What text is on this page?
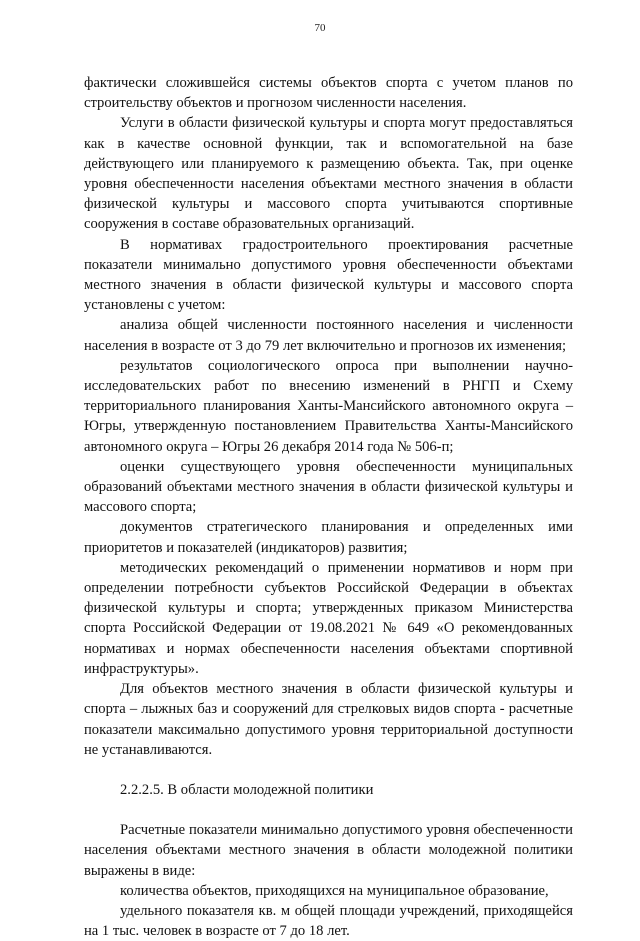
70

фактически сложившейся системы объектов спорта с учетом планов по строительству объектов и прогнозом численности населения.

Услуги в области физической культуры и спорта могут предоставляться как в качестве основной функции, так и вспомогательной на базе действующего или планируемого к размещению объекта. Так, при оценке уровня обеспеченности населения объектами местного значения в области физической культуры и массового спорта учитываются спортивные сооружения в составе образовательных организаций.

В нормативах градостроительного проектирования расчетные показатели минимально допустимого уровня обеспеченности объектами местного значения в области физической культуры и массового спорта установлены с учетом:

анализа общей численности постоянного населения и численности населения в возрасте от 3 до 79 лет включительно и прогнозов их изменения;

результатов социологического опроса при выполнении научно-исследовательских работ по внесению изменений в РНГП и Схему территориального планирования Ханты-Мансийского автономного округа – Югры, утвержденную постановлением Правительства Ханты-Мансийского автономного округа – Югры 26 декабря 2014 года № 506-п;

оценки существующего уровня обеспеченности муниципальных образований объектами местного значения в области физической культуры и массового спорта;

документов стратегического планирования и определенных ими приоритетов и показателей (индикаторов) развития;

методических рекомендаций о применении нормативов и норм при определении потребности субъектов Российской Федерации в объектах физической культуры и спорта; утвержденных приказом Министерства спорта Российской Федерации от 19.08.2021 № 649 «О рекомендованных нормативах и нормах обеспеченности населения объектами спортивной инфраструктуры».

Для объектов местного значения в области физической культуры и спорта – лыжных баз и сооружений для стрелковых видов спорта - расчетные показатели максимально допустимого уровня территориальной доступности не устанавливаются.

2.2.2.5. В области молодежной политики

Расчетные показатели минимально допустимого уровня обеспеченности населения объектами местного значения в области молодежной политики выражены в виде:

количества объектов, приходящихся на муниципальное образование,

удельного показателя кв. м общей площади учреждений, приходящейся на 1 тыс. человек в возрасте от 7 до 18 лет.
